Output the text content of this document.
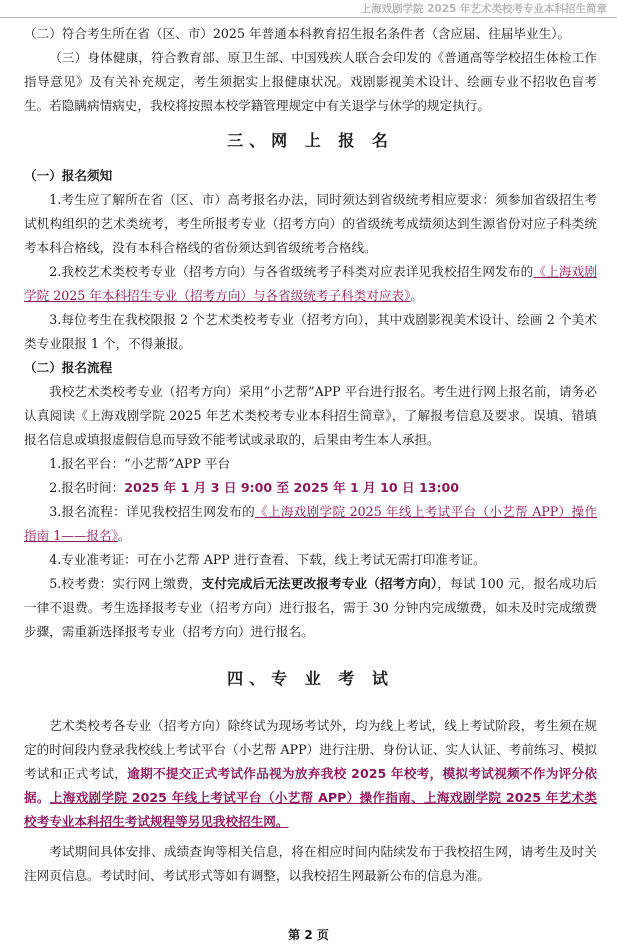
上海戏剧学院 2025 年艺术类校考专业本科招生简章

（二）符合考生所在省（区、市）2025 年普通本科教育招生报名条件者（含应届、往届毕业生）。

（三）身体健康，符合教育部、原卫生部、中国残疾人联合会印发的《普通高等学校招生体检工作指导意见》及有关补充规定，考生须据实上报健康状况。戏剧影视美术设计、绘画专业不招收色盲考生。若隐瞒病情病史，我校将按照本校学籍管理规定中有关退学与休学的规定执行。

三、网 上 报 名

（一）报名须知

1.考生应了解所在省（区、市）高考报名办法，同时须达到省级统考相应要求：须参加省级招生考试机构组织的艺术类统考，考生所报考专业（招考方向）的省级统考成绩须达到生源省份对应子科类统考本科合格线，没有本科合格线的省份须达到省级统考合格线。

2.我校艺术类校考专业（招考方向）与各省级统考子科类对应表详见我校招生网发布的《上海戏剧学院 2025 年本科招生专业（招考方向）与各省级统考子科类对应表》。

3.每位考生在我校限报 2 个艺术类校考专业（招考方向），其中戏剧影视美术设计、绘画 2 个美术类专业限报 1 个，不得兼报。

（二）报名流程

我校艺术类校考专业（招考方向）采用“小艺帮”APP 平台进行报名。考生进行网上报名前，请务必认真阅读《上海戏剧学院 2025 年艺术类校考专业本科招生简章》，了解报考信息及要求。误填、错填报名信息或填报虚假信息而导致不能考试或录取的，后果由考生本人承担。

1.报名平台：“小艺帮”APP 平台

2.报名时间：2025 年 1 月 3 日 9:00 至 2025 年 1 月 10 日 13:00

3.报名流程：详见我校招生网发布的《上海戏剧学院 2025 年线上考试平台（小艺帮 APP）操作指南 1——报名》。

4.专业准考证：可在小艺帮 APP 进行查看、下载，线上考试无需打印准考证。

5.校考费：实行网上缴费，支付完成后无法更改报考专业（招考方向），每试 100 元，报名成功后一律不退费。考生选择报考专业（招考方向）进行报名，需于 30 分钟内完成缴费，如未及时完成缴费步骤，需重新选择报考专业（招考方向）进行报名。

四、专 业 考 试

艺术类校考各专业（招考方向）除终试为现场考试外，均为线上考试，线上考试阶段，考生须在规定的时间段内登录我校线上考试平台（小艺帮 APP）进行注册、身份认证、实人认证、考前练习、模拟考试和正式考试，逾期不提交正式考试作品视为放弃我校 2025 年校考，模拟考试视频不作为评分依据。上海戏剧学院 2025 年线上考试平台（小艺帮 APP）操作指南、上海戏剧学院 2025 年艺术类校考专业本科招生考试规程等另见我校招生网。

考试期间具体安排、成绩查询等相关信息，将在相应时间内陆续发布于我校招生网，请考生及时关注网页信息。考试时间、考试形式等如有调整，以我校招生网最新公布的信息为准。

第 2 页
